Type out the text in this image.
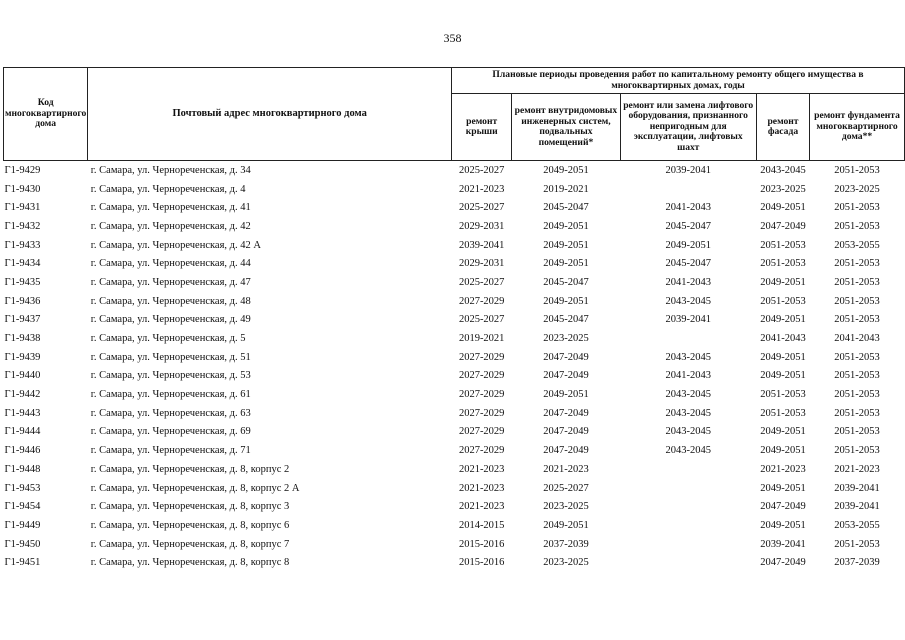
358
Код многоквартирного дома	Почтовый адрес многоквартирного дома	Плановые периоды проведения работ по капитальному ремонту общего имущества в многоквартирных домах, годы				
		ремонт крыши	ремонт внутридомовых инженерных систем, подвальных помещений*	ремонт или замена лифтового оборудования, признанного непригодным для эксплуатации, лифтовых шахт	ремонт фасада	ремонт фундамента многоквартирного дома**
Г1-9429	г. Самара, ул. Чернореченская, д. 34	2025-2027	2049-2051	2039-2041	2043-2045	2051-2053
Г1-9430	г. Самара, ул. Чернореченская, д. 4	2021-2023	2019-2021		2023-2025	2023-2025
Г1-9431	г. Самара, ул. Чернореченская, д. 41	2025-2027	2045-2047	2041-2043	2049-2051	2051-2053
Г1-9432	г. Самара, ул. Чернореченская, д. 42	2029-2031	2049-2051	2045-2047	2047-2049	2051-2053
Г1-9433	г. Самара, ул. Чернореченская, д. 42 А	2039-2041	2049-2051	2049-2051	2051-2053	2053-2055
Г1-9434	г. Самара, ул. Чернореченская, д. 44	2029-2031	2049-2051	2045-2047	2051-2053	2051-2053
Г1-9435	г. Самара, ул. Чернореченская, д. 47	2025-2027	2045-2047	2041-2043	2049-2051	2051-2053
Г1-9436	г. Самара, ул. Чернореченская, д. 48	2027-2029	2049-2051	2043-2045	2051-2053	2051-2053
Г1-9437	г. Самара, ул. Чернореченская, д. 49	2025-2027	2045-2047	2039-2041	2049-2051	2051-2053
Г1-9438	г. Самара, ул. Чернореченская, д. 5	2019-2021	2023-2025		2041-2043	2041-2043
Г1-9439	г. Самара, ул. Чернореченская, д. 51	2027-2029	2047-2049	2043-2045	2049-2051	2051-2053
Г1-9440	г. Самара, ул. Чернореченская, д. 53	2027-2029	2047-2049	2041-2043	2049-2051	2051-2053
Г1-9442	г. Самара, ул. Чернореченская, д. 61	2027-2029	2049-2051	2043-2045	2051-2053	2051-2053
Г1-9443	г. Самара, ул. Чернореченская, д. 63	2027-2029	2047-2049	2043-2045	2051-2053	2051-2053
Г1-9444	г. Самара, ул. Чернореченская, д. 69	2027-2029	2047-2049	2043-2045	2049-2051	2051-2053
Г1-9446	г. Самара, ул. Чернореченская, д. 71	2027-2029	2047-2049	2043-2045	2049-2051	2051-2053
Г1-9448	г. Самара, ул. Чернореченская, д. 8, корпус 2	2021-2023	2021-2023		2021-2023	2021-2023
Г1-9453	г. Самара, ул. Чернореченская, д. 8, корпус 2 А	2021-2023	2025-2027		2049-2051	2039-2041
Г1-9454	г. Самара, ул. Чернореченская, д. 8, корпус 3	2021-2023	2023-2025		2047-2049	2039-2041
Г1-9449	г. Самара, ул. Чернореченская, д. 8, корпус 6	2014-2015	2049-2051		2049-2051	2053-2055
Г1-9450	г. Самара, ул. Чернореченская, д. 8, корпус 7	2015-2016	2037-2039		2039-2041	2051-2053
Г1-9451	г. Самара, ул. Чернореченская, д. 8, корпус 8	2015-2016	2023-2025		2047-2049	2037-2039
